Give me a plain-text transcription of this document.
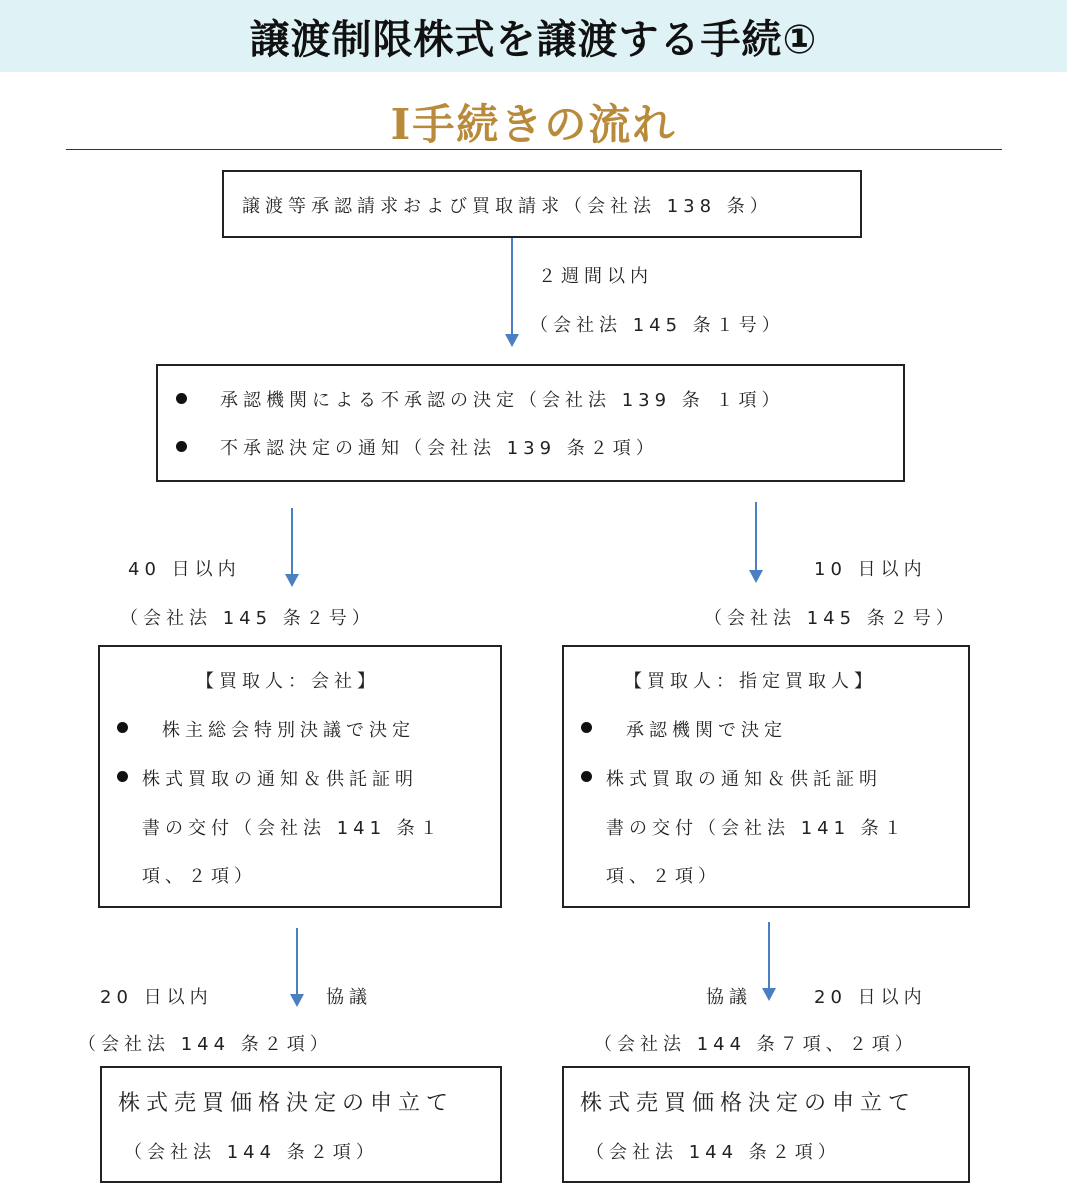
譲渡制限株式を譲渡する手続①
Ⅰ手続きの流れ
譲渡等承認請求および買取請求（会社法 138 条）
２週間以内
（会社法 145 条１号）
承認機関による不承認の決定（会社法 139 条 １項）
不承認決定の通知（会社法 139 条２項）
40 日以内
（会社法 145 条２号）
10 日以内
（会社法 145 条２号）
【買取人：会社】
株主総会特別決議で決定
株式買取の通知＆供託証明
書の交付（会社法 141 条１
項、２項）
【買取人：指定買取人】
承認機関で決定
株式買取の通知＆供託証明
書の交付（会社法 141 条１
項、２項）
20 日以内	協議
（会社法 144 条２項）
協議	20 日以内
（会社法 144 条７項、２項）
株式売買価格決定の申立て
（会社法 144 条２項）
株式売買価格決定の申立て
（会社法 144 条２項）
